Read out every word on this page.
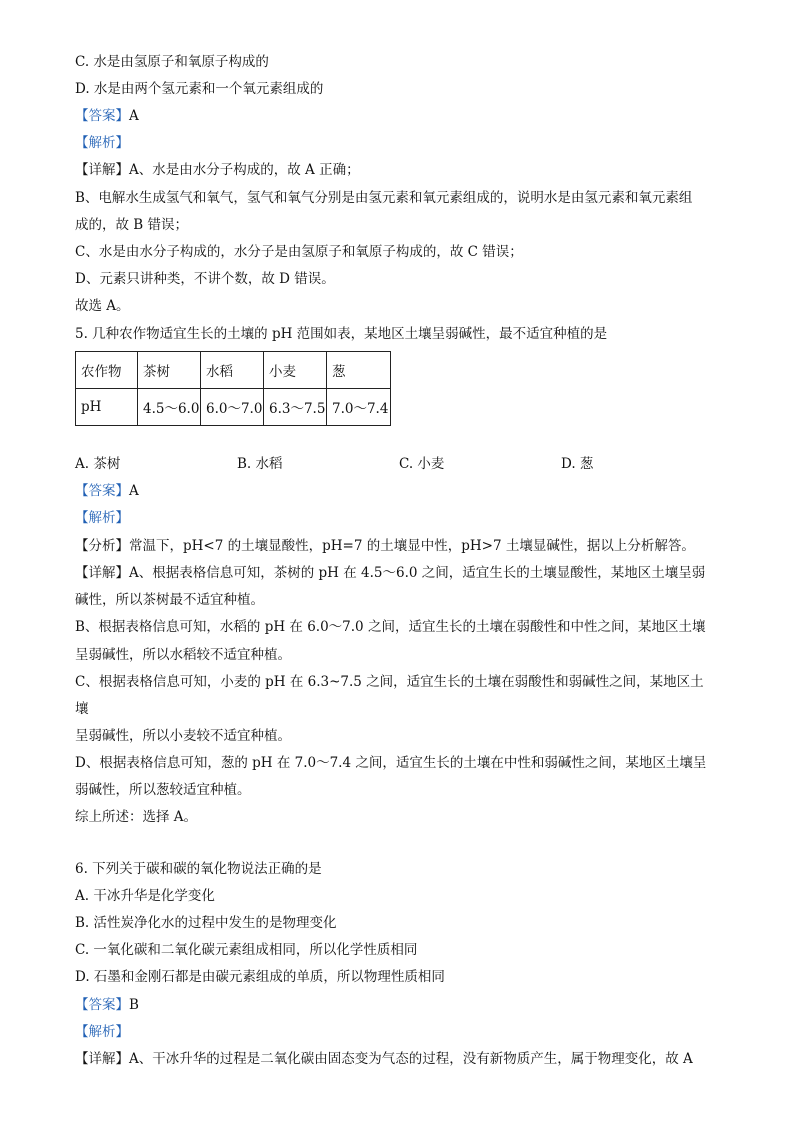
C. 水是由氢原子和氧原子构成的
D. 水是由两个氢元素和一个氧元素组成的
【答案】A
【解析】
【详解】A、水是由水分子构成的，故 A 正确；
B、电解水生成氢气和氧气，氢气和氧气分别是由氢元素和氧元素组成的，说明水是由氢元素和氧元素组
成的，故 B 错误；
C、水是由水分子构成的，水分子是由氢原子和氧原子构成的，故 C 错误；
D、元素只讲种类，不讲个数，故 D 错误。
故选 A。
5. 几种农作物适宜生长的土壤的 pH 范围如表，某地区土壤呈弱碱性，最不适宜种植的是
农作物	茶树	水稻	小麦	葱
pH	4.5～6.0	6.0～7.0	6.3～7.5	7.0～7.4
A. 茶树	B. 水稻	C. 小麦	D. 葱
【答案】A
【解析】
【分析】常温下，pH<7 的土壤显酸性，pH=7 的土壤显中性，pH>7 土壤显碱性，据以上分析解答。
【详解】A、根据表格信息可知，茶树的 pH 在 4.5～6.0 之间，适宜生长的土壤显酸性，某地区土壤呈弱
碱性，所以茶树最不适宜种植。
B、根据表格信息可知，水稻的 pH 在 6.0～7.0 之间，适宜生长的土壤在弱酸性和中性之间，某地区土壤
呈弱碱性，所以水稻较不适宜种植。
C、根据表格信息可知，小麦的 pH 在 6.3~7.5 之间，适宜生长的土壤在弱酸性和弱碱性之间，某地区土
壤
呈弱碱性，所以小麦较不适宜种植。
D、根据表格信息可知，葱的 pH 在 7.0～7.4 之间，适宜生长的土壤在中性和弱碱性之间，某地区土壤呈
弱碱性，所以葱较适宜种植。
综上所述：选择 A。
6. 下列关于碳和碳的氧化物说法正确的是
A. 干冰升华是化学变化
B. 活性炭净化水的过程中发生的是物理变化
C. 一氧化碳和二氧化碳元素组成相同，所以化学性质相同
D. 石墨和金刚石都是由碳元素组成的单质，所以物理性质相同
【答案】B
【解析】
【详解】A、干冰升华的过程是二氧化碳由固态变为气态的过程，没有新物质产生，属于物理变化，故 A
